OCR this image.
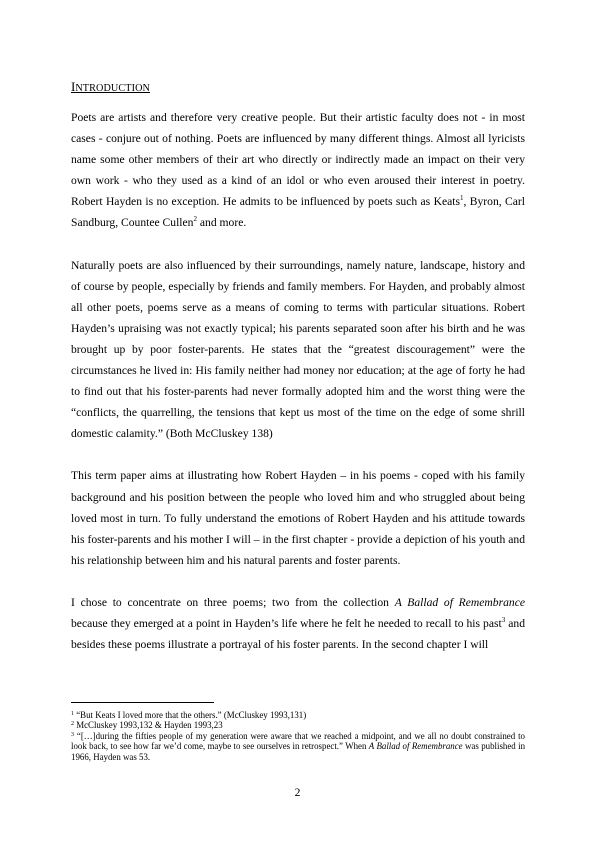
INTRODUCTION

Poets are artists and therefore very creative people. But their artistic faculty does not - in most cases - conjure out of nothing. Poets are influenced by many different things. Almost all lyricists name some other members of their art who directly or indirectly made an impact on their very own work - who they used as a kind of an idol or who even aroused their interest in poetry. Robert Hayden is no exception. He admits to be influenced by poets such as Keats$^1$, Byron, Carl Sandburg, Countee Cullen$^2$ and more.

Naturally poets are also influenced by their surroundings, namely nature, landscape, history and of course by people, especially by friends and family members. For Hayden, and probably almost all other poets, poems serve as a means of coming to terms with particular situations. Robert Hayden’s upraising was not exactly typical; his parents separated soon after his birth and he was brought up by poor foster-parents. He states that the “greatest discouragement” were the circumstances he lived in: His family neither had money nor education; at the age of forty he had to find out that his foster-parents had never formally adopted him and the worst thing were the “conflicts, the quarrelling, the tensions that kept us most of the time on the edge of some shrill domestic calamity.” (Both McCluskey 138)

This term paper aims at illustrating how Robert Hayden – in his poems - coped with his family background and his position between the people who loved him and who struggled about being loved most in turn. To fully understand the emotions of Robert Hayden and his attitude towards his foster-parents and his mother I will – in the first chapter - provide a depiction of his youth and his relationship between him and his natural parents and foster parents.

I chose to concentrate on three poems; two from the collection A Ballad of Remembrance because they emerged at a point in Hayden’s life where he felt he needed to recall to his past$^3$ and besides these poems illustrate a portrayal of his foster parents. In the second chapter I will

$^1$ “But Keats I loved more that the others.” (McCluskey 1993,131)

$^2$ McCluskey 1993,132 & Hayden 1993,23

$^3$ “[…]during the fifties people of my generation were aware that we reached a midpoint, and we all no doubt constrained to look back, to see how far we’d come, maybe to see ourselves in retrospect.” When A Ballad of Remembrance was published in 1966, Hayden was 53.

2
